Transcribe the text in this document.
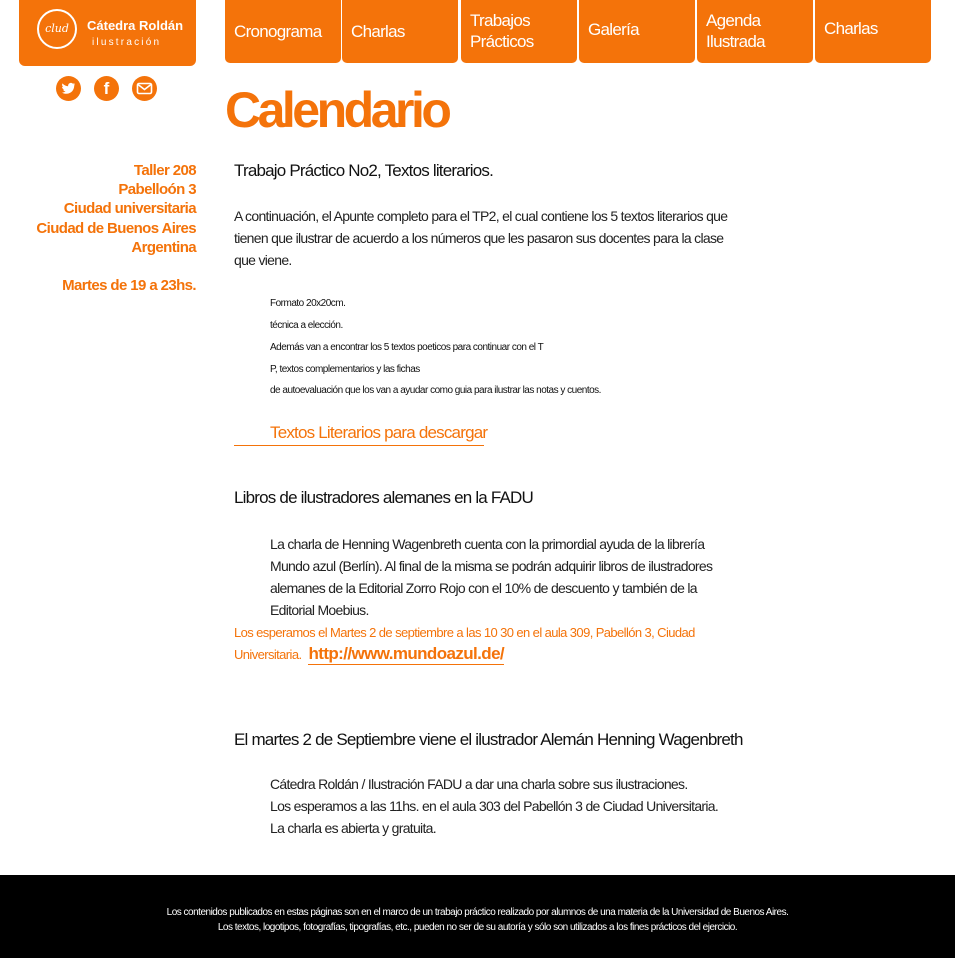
clud	Cátedra Roldán
ilustración
f
Taller 208
Pabelloón 3
Ciudad universitaria
Ciudad de Buenos Aires
Argentina
Martes de 19 a 23hs.
Cronograma	Charlas
Trabajos Prácticos
Galería	Agenda Ilustrada
Charlas
Calendario
Trabajo Práctico No2, Textos literarios.
A continuación, el Apunte completo para el TP2, el cual contiene los 5 textos literarios que tienen que ilustrar de acuerdo a los números que les pasaron sus docentes para la clase que viene.
Formato 20x20cm.
técnica a elección.
Además van a encontrar los 5 textos poeticos para continuar con el T
P, textos complementarios y las fichas
de autoevaluación que los van a ayudar como guia para ilustrar las notas y cuentos.
Textos Literarios para descargar
Libros de ilustradores alemanes en la FADU
La charla de Henning Wagenbreth cuenta con la primordial ayuda de la librería Mundo azul (Berlín). Al final de la misma se podrán adquirir libros de ilustradores alemanes de la Editorial Zorro Rojo con el 10% de descuento y también de la Editorial Moebius.
Los esperamos el Martes 2 de septiembre a las 10 30 en el aula 309, Pabellón 3, Ciudad Universitaria. http://www.mundoazul.de/
El martes 2 de Septiembre viene el ilustrador Alemán Henning Wagenbreth
Cátedra Roldán / Ilustración FADU a dar una charla sobre sus ilustraciones.
Los esperamos a las 11hs. en el aula 303 del Pabellón 3 de Ciudad Universitaria.
La charla es abierta y gratuita.

Los contenidos publicados en estas páginas son en el marco de un trabajo práctico realizado por alumnos de una materia de la Universidad de Buenos Aires.

Los textos, logotipos, fotografías, tipografías, etc., pueden no ser de su autoría y sólo son utilizados a los fines prácticos del ejercicio.
